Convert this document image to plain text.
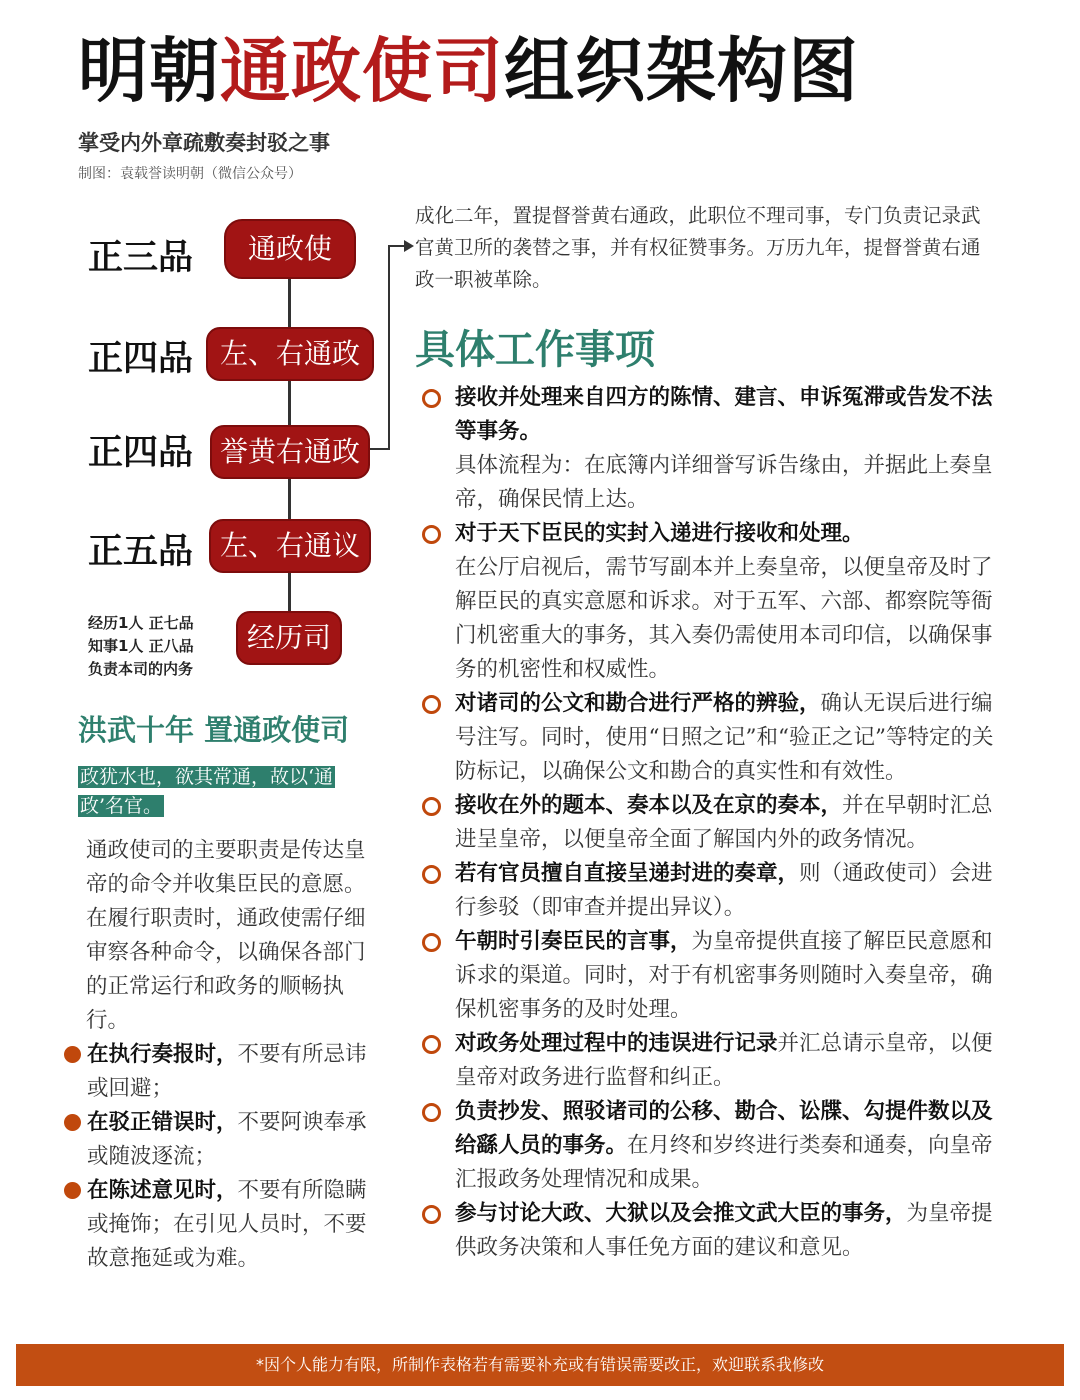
明朝通政使司组织架构图
掌受内外章疏敷奏封驳之事
制图：袁载誉读明朝（微信公众号）
正三品
正四品
正四品
正五品
通政使
左、右通政
誉黄右通政
左、右通议
经历司
经历1人 正七品
知事1人 正八品
负责本司的内务
成化二年，置提督誉黄右通政，此职位不理司事，专门负责记录武官黄卫所的袭替之事，并有权征赞事务。万历九年，提督誉黄右通政一职被革除。
具体工作事项
洪武十年 置通政使司
政犹水也，欲其常通，故以‘通政’名官。
通政使司的主要职责是传达皇帝的命令并收集臣民的意愿。在履行职责时，通政使需仔细审察各种命令，以确保各部门的正常运行和政务的顺畅执行。
在执行奏报时，不要有所忌讳或回避；
在驳正错误时，不要阿谀奉承或随波逐流；
在陈述意见时，不要有所隐瞒或掩饰；在引见人员时，不要故意拖延或为难。
接收并处理来自四方的陈情、建言、申诉冤滞或告发不法等事务。
具体流程为：在底簿内详细誉写诉告缘由，并据此上奏皇帝，确保民情上达。
对于天下臣民的实封入递进行接收和处理。
在公厅启视后，需节写副本并上奏皇帝，以便皇帝及时了解臣民的真实意愿和诉求。对于五军、六部、都察院等衙门机密重大的事务，其入奏仍需使用本司印信，以确保事务的机密性和权威性。
对诸司的公文和勘合进行严格的辨验，确认无误后进行编号注写。同时，使用“日照之记”和“验正之记”等特定的关防标记，以确保公文和勘合的真实性和有效性。
接收在外的题本、奏本以及在京的奏本，并在早朝时汇总进呈皇帝，以便皇帝全面了解国内外的政务情况。
若有官员擅自直接呈递封进的奏章，则（通政使司）会进行参驳（即审查并提出异议）。
午朝时引奏臣民的言事，为皇帝提供直接了解臣民意愿和诉求的渠道。同时，对于有机密事务则随时入奏皇帝，确保机密事务的及时处理。
对政务处理过程中的违误进行记录并汇总请示皇帝，以便皇帝对政务进行监督和纠正。
负责抄发、照驳诸司的公移、勘合、讼牒、勾提件数以及给繇人员的事务。在月终和岁终进行类奏和通奏，向皇帝汇报政务处理情况和成果。
参与讨论大政、大狱以及会推文武大臣的事务，为皇帝提供政务决策和人事任免方面的建议和意见。
*因个人能力有限，所制作表格若有需要补充或有错误需要改正，欢迎联系我修改
